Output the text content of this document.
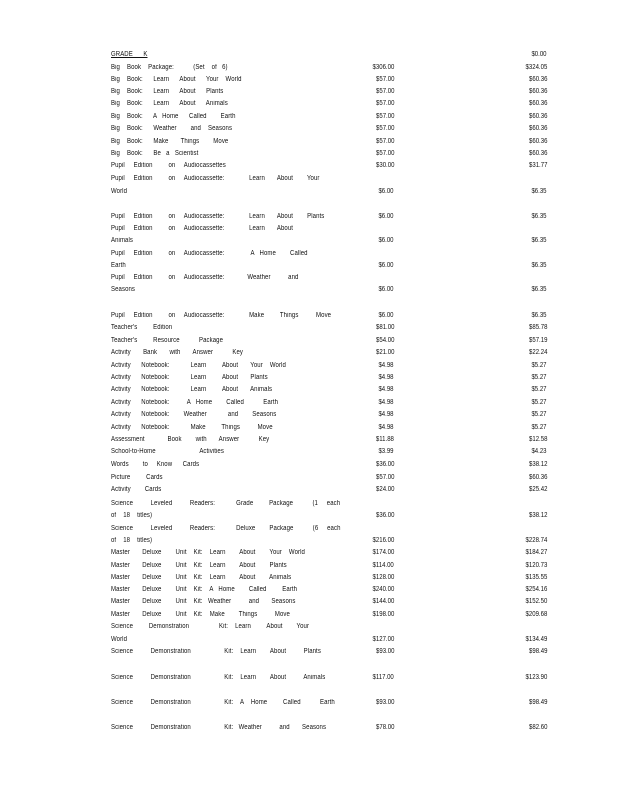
GRADE      K	$0.00
Big    Book    Package:           (Set    of   6)	$306.00	$324.05
Big    Book:      Learn      About      Your    World	$57.00	$60.36
Big    Book:      Learn      About      Plants	$57.00	$60.36
Big    Book:      Learn      About      Animals	$57.00	$60.36
Big    Book:      A   Home      Called        Earth	$57.00	$60.36
Big    Book:      Weather        and    Seasons	$57.00	$60.36
Big    Book:      Make       Things        Move	$57.00	$60.36
Big    Book:      Be   a   Scientist	$57.00	$60.36
Pupil     Edition         on     Audiocassettes	$30.00	$31.77
Pupil     Edition         on     Audiocassette:              Learn       About        Your
World	$6.00	$6.35
Pupil     Edition         on     Audiocassette:              Learn       About        Plants	$6.00	$6.35
Pupil     Edition         on     Audiocassette:              Learn       About
Animals	$6.00	$6.35
Pupil     Edition         on     Audiocassette:               A   Home        Called
Earth	$6.00	$6.35
Pupil     Edition         on     Audiocassette:             Weather          and
Seasons	$6.00	$6.35
Pupil     Edition         on     Audiocassette:              Make         Things          Move	$6.00	$6.35
Teacher's         Edition	$81.00	$85.78
Teacher's         Resource           Package	$54.00	$57.19
Activity       Bank       with       Answer           Key	$21.00	$22.24
Activity      Notebook:            Learn         About       Your    World	$4.98	$5.27
Activity      Notebook:            Learn         About       Plants	$4.98	$5.27
Activity      Notebook:            Learn         About       Animals	$4.98	$5.27
Activity      Notebook:          A   Home        Called           Earth	$4.98	$5.27
Activity      Notebook:        Weather            and        Seasons	$4.98	$5.27
Activity      Notebook:            Make         Things          Move	$4.98	$5.27
Assessment             Book        with       Answer           Key	$11.88	$12.58
School-to-Home                         Activities	$3.99	$4.23
Words        to     Know      Cards	$36.00	$38.12
Picture         Cards	$57.00	$60.36
Activity        Cards	$24.00	$25.42
Science          Leveled          Readers:            Grade         Package           (1     each
of    18    titles)	$36.00	$38.12
Science          Leveled          Readers:            Deluxe        Package           (6     each
of    18    titles)	$216.00	$228.74
Master       Deluxe        Unit    Kit:    Learn        About        Your    World	$174.00	$184.27
Master       Deluxe        Unit    Kit:    Learn        About        Plants	$114.00	$120.73
Master       Deluxe        Unit    Kit:    Learn        About        Animals	$128.00	$135.55
Master       Deluxe        Unit    Kit:    A   Home        Called         Earth	$240.00	$254.16
Master       Deluxe        Unit    Kit:   Weather          and       Seasons	$144.00	$152.50
Master       Deluxe        Unit    Kit:    Make        Things          Move	$198.00	$209.68
Science         Demonstration                 Kit:    Learn         About        Your
World	$127.00	$134.49
Science          Demonstration                   Kit:    Learn        About          Plants	$93.00	$98.49
Science          Demonstration                   Kit:    Learn        About          Animals	$117.00	$123.90
Science          Demonstration                   Kit:    A    Home         Called           Earth	$93.00	$98.49
Science          Demonstration                   Kit:   Weather          and       Seasons	$78.00	$82.60
